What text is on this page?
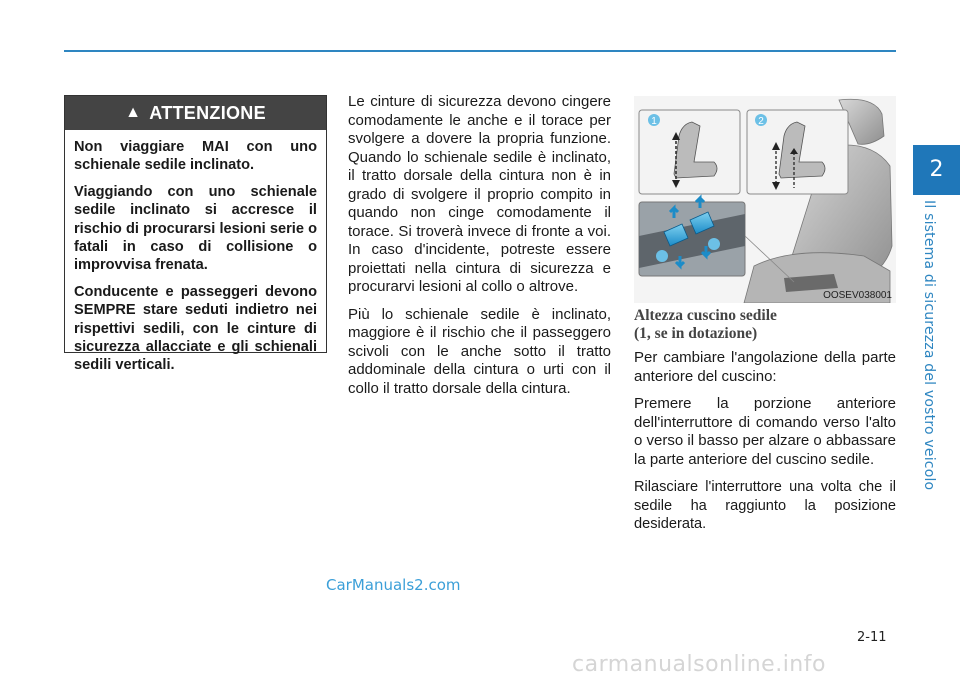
2
Il sistema di sicurezza del vostro veicolo
▲ ATTENZIONE

Non viaggiare MAI con uno schienale sedile inclinato.

Viaggiando con uno schienale sedile inclinato si accresce il rischio di procurarsi lesioni serie o fatali in caso di collisione o improvvisa frenata.

Conducente e passeggeri devono SEMPRE stare seduti indietro nei rispettivi sedili, con le cinture di sicurezza allacciate e gli schienali sedili verticali.

Le cinture di sicurezza devono cingere comodamente le anche e il torace per svolgere a dovere la propria funzione. Quando lo schienale sedile è inclinato, il tratto dorsale della cintura non è in grado di svolgere il proprio compito in quando non cinge comodamente il torace. Si troverà invece di fronte a voi. In caso d'incidente, potreste essere proiettati nella cintura di sicurezza e procurarvi lesioni al collo o altrove.

Più lo schienale sedile è inclinato, maggiore è il rischio che il passeggero scivoli con le anche sotto il tratto addominale della cintura o urti con il collo il tratto dorsale della cintura.

1	2
OOSEV038001
Altezza cuscino sedile
(1, se in dotazione)

Per cambiare l'angolazione della parte anteriore del cuscino:

Premere la porzione anteriore dell'interruttore di comando verso l'alto o verso il basso per alzare o abbassare la parte anteriore del cuscino sedile.

Rilasciare l'interruttore una volta che il sedile ha raggiunto la posizione desiderata.

CarManuals2.com
2-11
carmanualsonline.info
